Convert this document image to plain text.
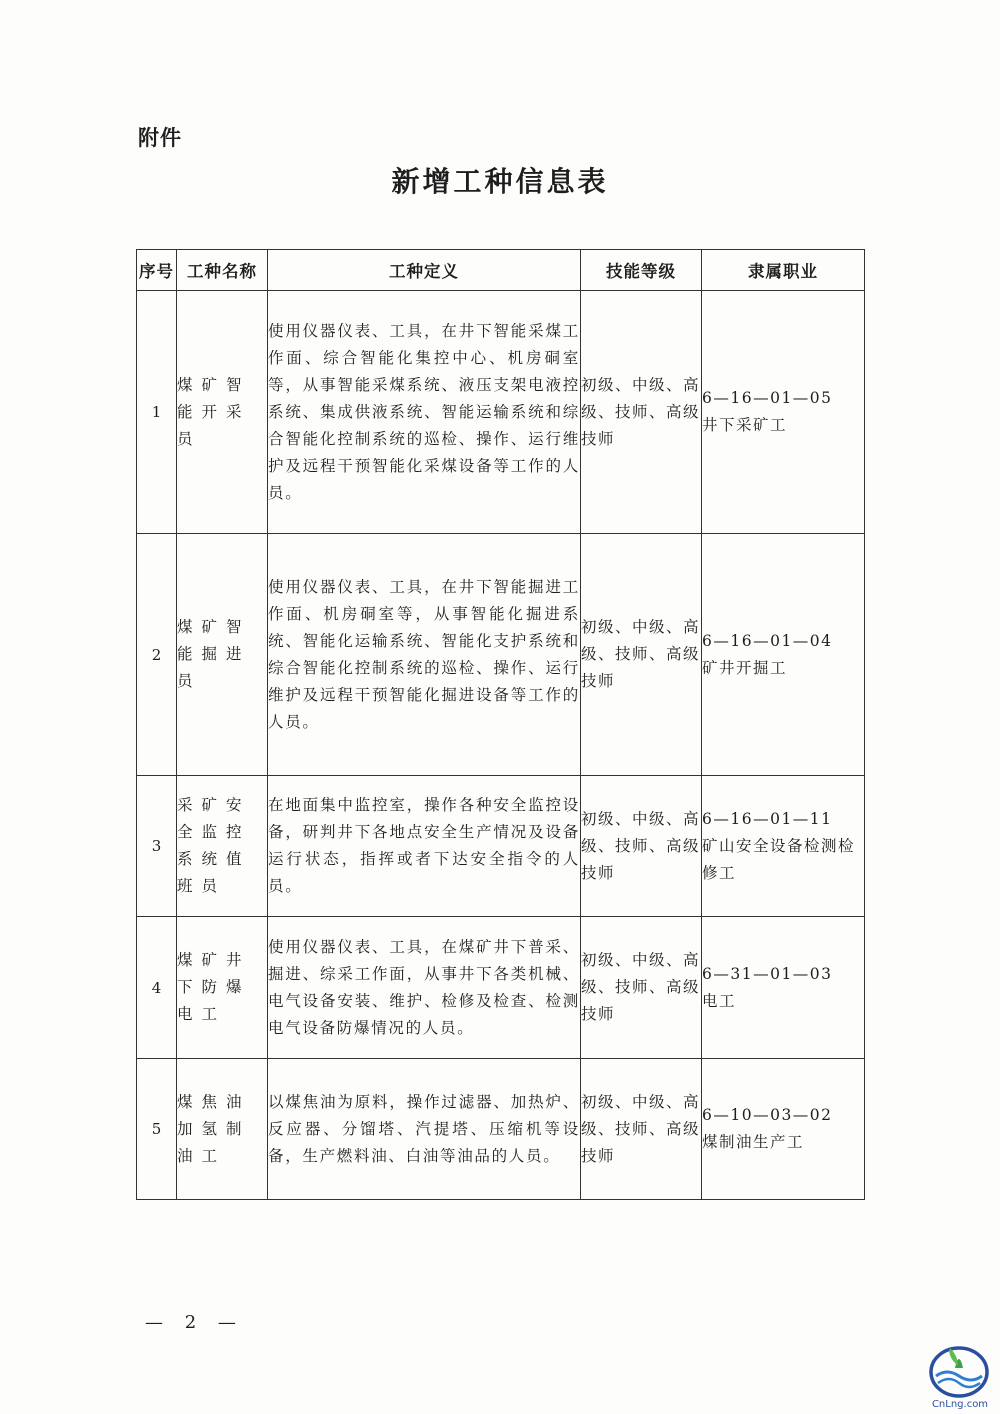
附件
新增工种信息表
序号	工种名称	工种定义	技能等级	隶属职业
1	煤矿智能开采员	使用仪器仪表、工具，在井下智能采煤工作面、综合智能化集控中心、机房硐室等，从事智能采煤系统、液压支架电液控系统、集成供液系统、智能运输系统和综合智能化控制系统的巡检、操作、运行维护及远程干预智能化采煤设备等工作的人员。	初级、中级、高级、技师、高级技师	6—16—01—05
井下采矿工

2	煤矿智能掘进员	使用仪器仪表、工具，在井下智能掘进工作面、机房硐室等，从事智能化掘进系统、智能化运输系统、智能化支护系统和综合智能化控制系统的巡检、操作、运行维护及远程干预智能化掘进设备等工作的人员。	初级、中级、高级、技师、高级技师	6—16—01—04
矿井开掘工

3	采矿安全监控系统值班员	在地面集中监控室，操作各种安全监控设备，研判井下各地点安全生产情况及设备运行状态，指挥或者下达安全指令的人员。	初级、中级、高级、技师、高级技师	6—16—01—11
矿山安全设备检测检修工

4	煤矿井下防爆电工	使用仪器仪表、工具，在煤矿井下普采、掘进、综采工作面，从事井下各类机械、电气设备安装、维护、检修及检查、检测电气设备防爆情况的人员。	初级、中级、高级、技师、高级技师	6—31—01—03
电工

5	煤焦油加氢制油工	以煤焦油为原料，操作过滤器、加热炉、反应器、分馏塔、汽提塔、压缩机等设备，生产燃料油、白油等油品的人员。	初级、中级、高级、技师、高级技师	6—10—03—02
煤制油生产工
— 2 —
CnLng.com
